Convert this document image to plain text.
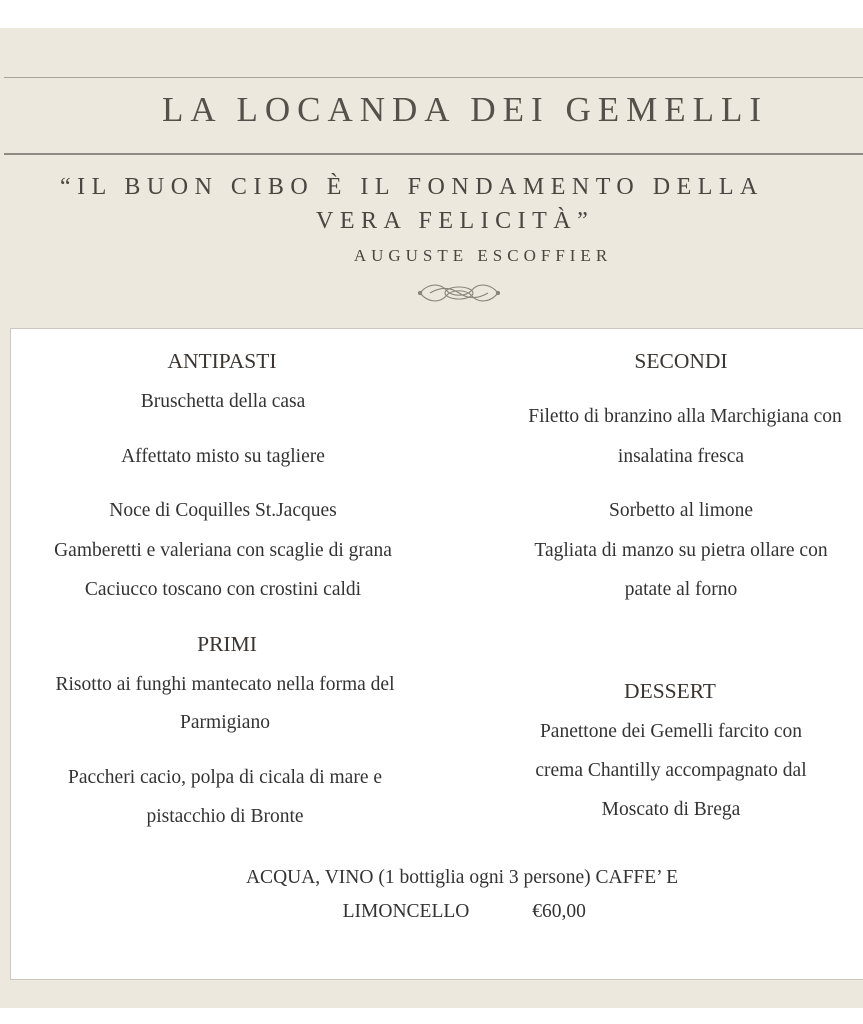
LA LOCANDA DEI GEMELLI
“IL BUON CIBO È IL FONDAMENTO DELLA
VERA FELICITÀ”
AUGUSTE ESCOFFIER
ANTIPASTI
Bruschetta della casa
Affettato misto su tagliere
Noce di Coquilles St.Jacques
Gamberetti e valeriana con scaglie di grana
Caciucco toscano con crostini caldi
PRIMI
Risotto ai funghi mantecato nella forma del
Parmigiano
Paccheri cacio, polpa di cicala di mare e
pistacchio di Bronte
SECONDI
Filetto di branzino alla Marchigiana con
insalatina fresca
Sorbetto al limone
Tagliata di manzo su pietra ollare con
patate al forno
DESSERT
Panettone dei Gemelli farcito con
crema Chantilly accompagnato dal
Moscato di Brega
ACQUA, VINO (1 bottiglia ogni 3 persone) CAFFE’ E
LIMONCELLO	€60,00
